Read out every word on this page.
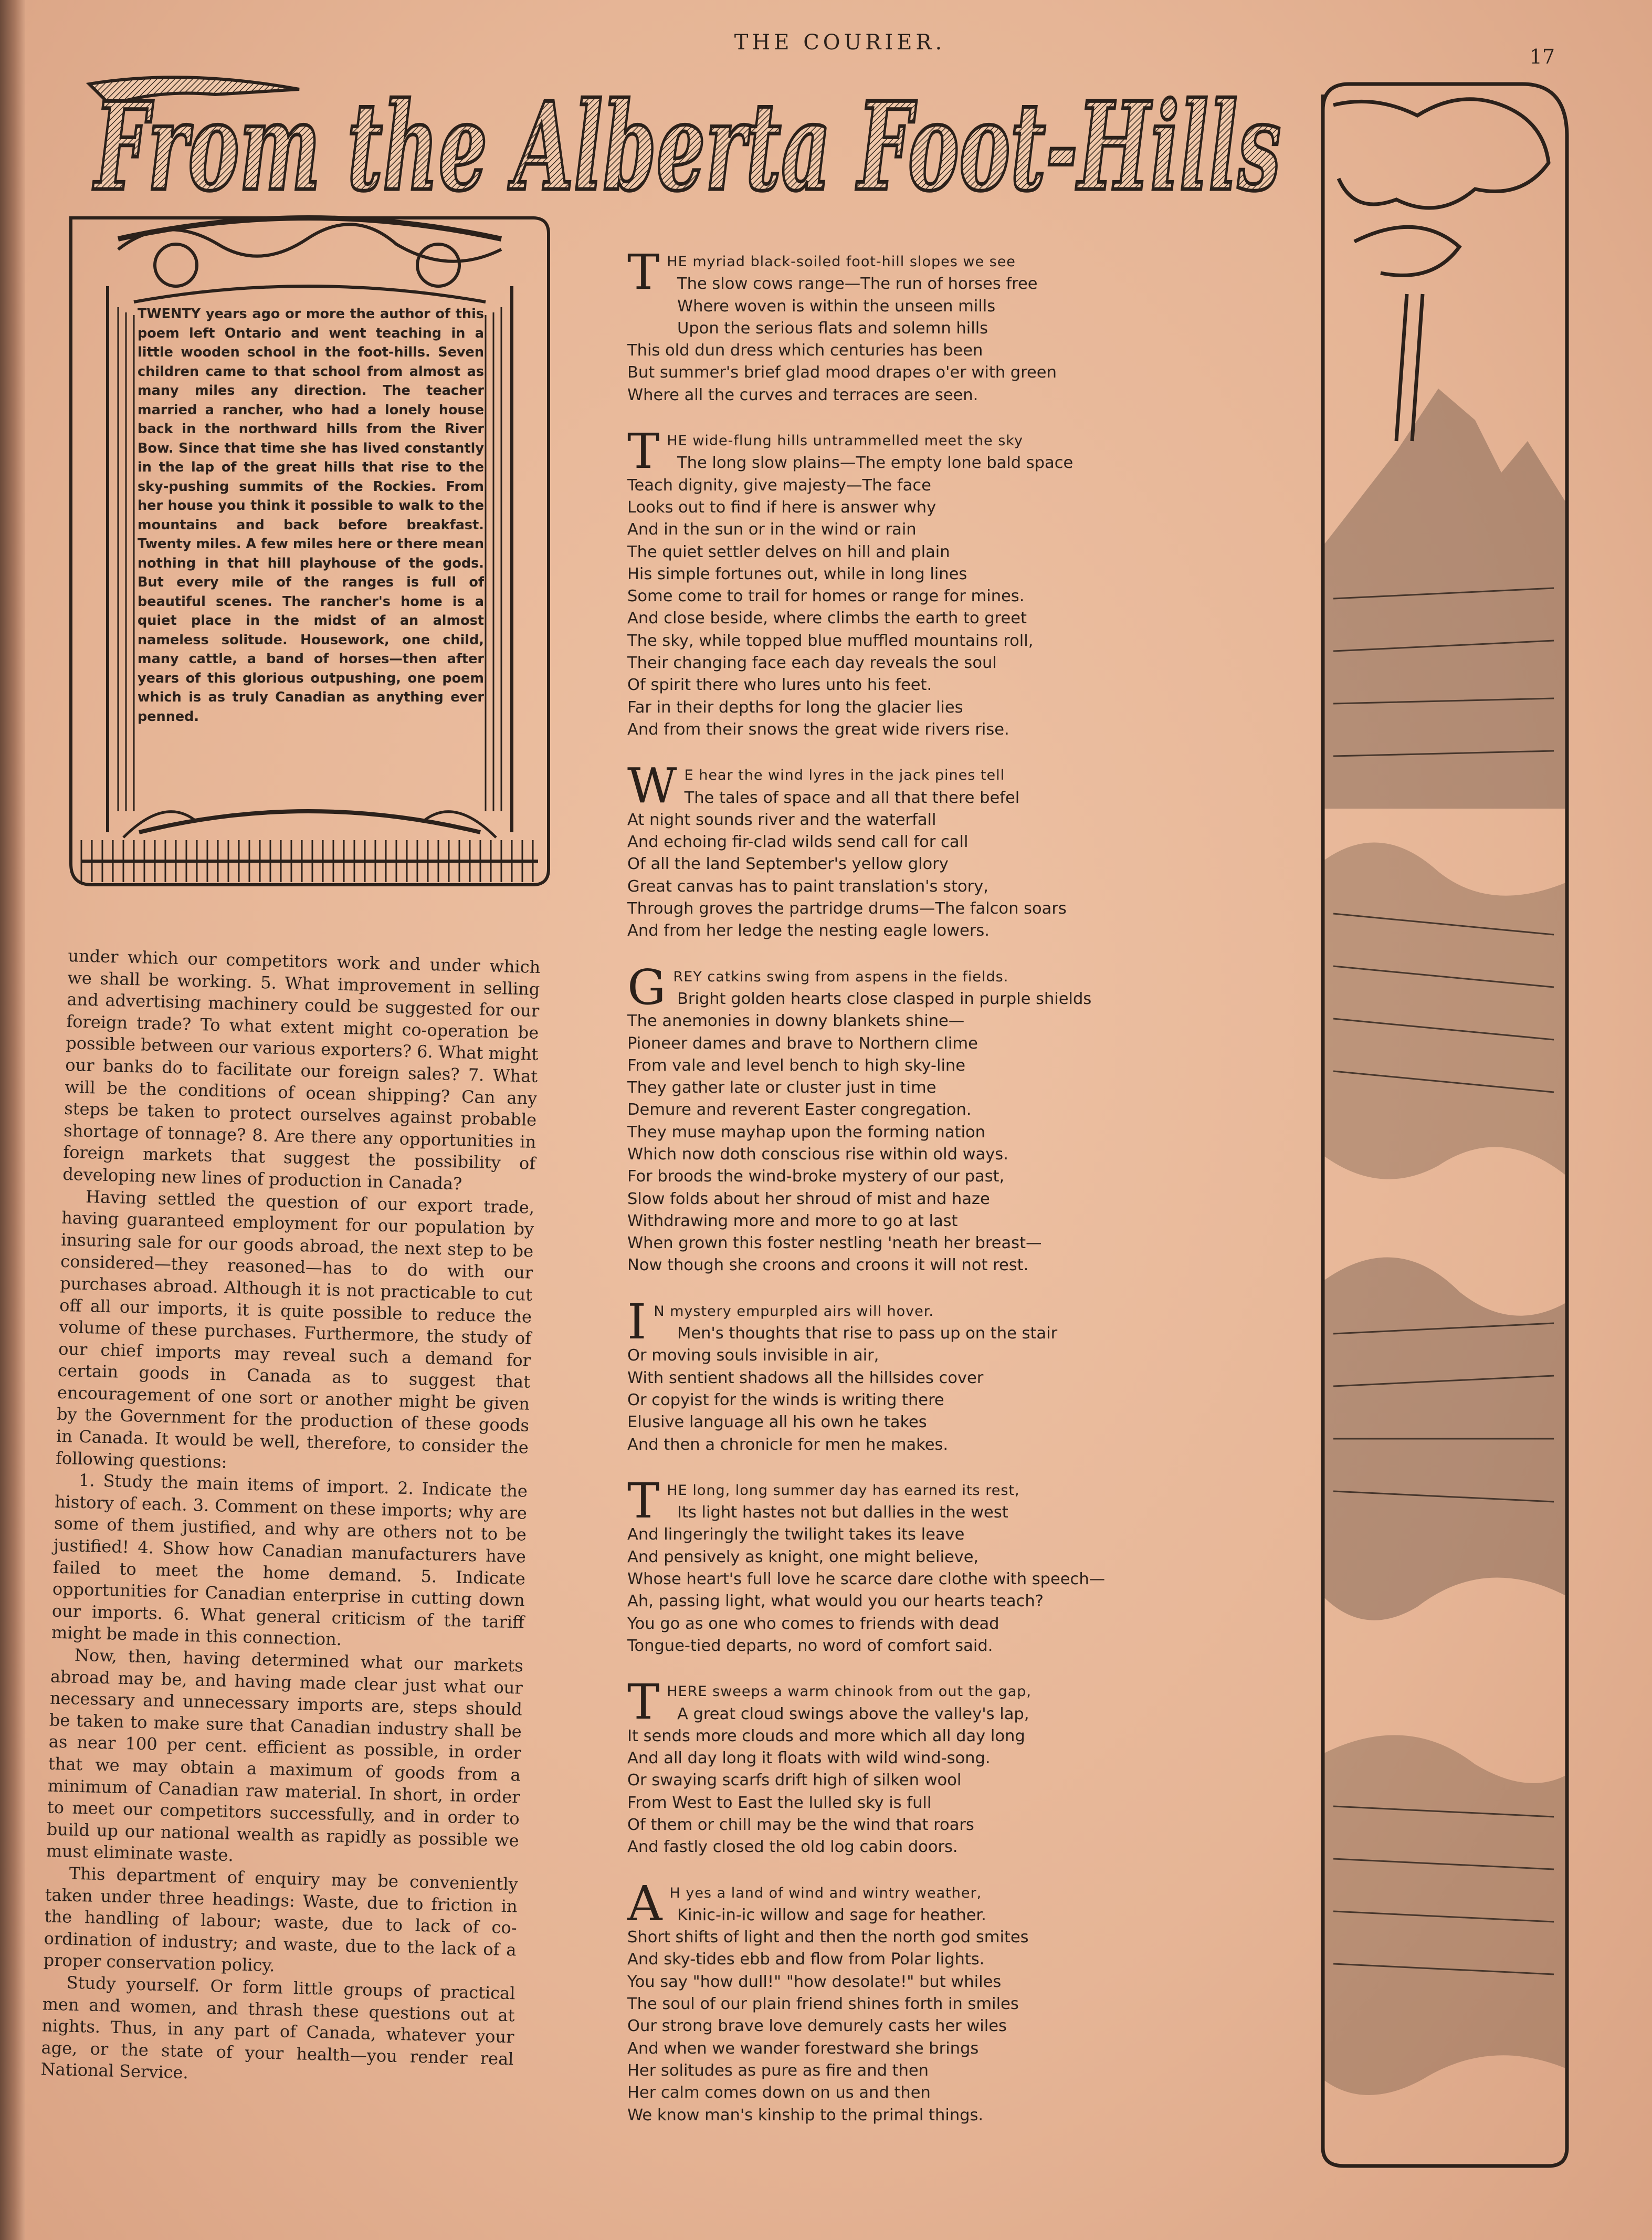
THE COURIER.
17
From the Alberta Foot-Hills
TWENTY years ago or more the author of this poem left Ontario and went teaching in a little wooden school in the foot-hills. Seven children came to that school from almost as many miles any direction. The teacher married a rancher, who had a lonely house back in the northward hills from the River Bow. Since that time she has lived constantly in the lap of the great hills that rise to the sky-pushing summits of the Rockies. From her house you think it possible to walk to the mountains and back before breakfast. Twenty miles. A few miles here or there mean nothing in that hill playhouse of the gods. But every mile of the ranges is full of beautiful scenes. The rancher's home is a quiet place in the midst of an almost nameless solitude. Housework, one child, many cattle, a band of horses—then after years of this glorious outpushing, one poem which is as truly Canadian as anything ever penned.

under which our competitors work and under which we shall be working. 5. What improvement in selling and advertising machinery could be suggested for our foreign trade? To what extent might co-operation be possible between our various exporters? 6. What might our banks do to facilitate our foreign sales? 7. What will be the conditions of ocean shipping? Can any steps be taken to protect ourselves against probable shortage of tonnage? 8. Are there any opportunities in foreign markets that suggest the possibility of developing new lines of production in Canada?

Having settled the question of our export trade, having guaranteed employment for our population by insuring sale for our goods abroad, the next step to be considered—they reasoned—has to do with our purchases abroad. Although it is not practicable to cut off all our imports, it is quite possible to reduce the volume of these purchases. Furthermore, the study of our chief imports may reveal such a demand for certain goods in Canada as to suggest that encouragement of one sort or another might be given by the Government for the production of these goods in Canada. It would be well, therefore, to consider the following questions:

1. Study the main items of import. 2. Indicate the history of each. 3. Comment on these imports; why are some of them justified, and why are others not to be justified! 4. Show how Canadian manufacturers have failed to meet the home demand. 5. Indicate opportunities for Canadian enterprise in cutting down our imports. 6. What general criticism of the tariff might be made in this connection.

Now, then, having determined what our markets abroad may be, and having made clear just what our necessary and unnecessary imports are, steps should be taken to make sure that Canadian industry shall be as near 100 per cent. efficient as possible, in order that we may obtain a maximum of goods from a minimum of Canadian raw material. In short, in order to meet our competitors successfully, and in order to build up our national wealth as rapidly as possible we must eliminate waste.

This department of enquiry may be conveniently taken under three headings: Waste, due to friction in the handling of labour; waste, due to lack of co-ordination of industry; and waste, due to the lack of a proper conservation policy.

Study yourself. Or form little groups of practical men and women, and thrash these questions out at nights. Thus, in any part of Canada, whatever your age, or the state of your health—you render real National Service.

T HE myriad black-soiled foot-hill slopes we see
The slow cows range—The run of horses free
Where woven is within the unseen mills
Upon the serious flats and solemn hills
This old dun dress which centuries has been
But summer's brief glad mood drapes o'er with green
Where all the curves and terraces are seen.
T HE wide-flung hills untrammelled meet the sky
The long slow plains—The empty lone bald space
Teach dignity, give majesty—The face
Looks out to find if here is answer why
And in the sun or in the wind or rain
The quiet settler delves on hill and plain
His simple fortunes out, while in long lines
Some come to trail for homes or range for mines.
And close beside, where climbs the earth to greet
The sky, while topped blue muffled mountains roll,
Their changing face each day reveals the soul
Of spirit there who lures unto his feet.
Far in their depths for long the glacier lies
And from their snows the great wide rivers rise.
W E hear the wind lyres in the jack pines tell
The tales of space and all that there befel
At night sounds river and the waterfall
And echoing fir-clad wilds send call for call
Of all the land September's yellow glory
Great canvas has to paint translation's story,
Through groves the partridge drums—The falcon soars
And from her ledge the nesting eagle lowers.
G REY catkins swing from aspens in the fields.
Bright golden hearts close clasped in purple shields
The anemonies in downy blankets shine—
Pioneer dames and brave to Northern clime
From vale and level bench to high sky-line
They gather late or cluster just in time
Demure and reverent Easter congregation.
They muse mayhap upon the forming nation
Which now doth conscious rise within old ways.
For broods the wind-broke mystery of our past,
Slow folds about her shroud of mist and haze
Withdrawing more and more to go at last
When grown this foster nestling 'neath her breast—
Now though she croons and croons it will not rest.
I N mystery empurpled airs will hover.
Men's thoughts that rise to pass up on the stair
Or moving souls invisible in air,
With sentient shadows all the hillsides cover
Or copyist for the winds is writing there
Elusive language all his own he takes
And then a chronicle for men he makes.
T HE long, long summer day has earned its rest,
Its light hastes not but dallies in the west
And lingeringly the twilight takes its leave
And pensively as knight, one might believe,
Whose heart's full love he scarce dare clothe with speech—
Ah, passing light, what would you our hearts teach?
You go as one who comes to friends with dead
Tongue-tied departs, no word of comfort said.
T HERE sweeps a warm chinook from out the gap,
A great cloud swings above the valley's lap,
It sends more clouds and more which all day long
And all day long it floats with wild wind-song.
Or swaying scarfs drift high of silken wool
From West to East the lulled sky is full
Of them or chill may be the wind that roars
And fastly closed the old log cabin doors.
A H yes a land of wind and wintry weather,
Kinic-in-ic willow and sage for heather.
Short shifts of light and then the north god smites
And sky-tides ebb and flow from Polar lights.
You say "how dull!" "how desolate!" but whiles
The soul of our plain friend shines forth in smiles
Our strong brave love demurely casts her wiles
And when we wander forestward she brings
Her solitudes as pure as fire and then
Her calm comes down on us and then
We know man's kinship to the primal things.
